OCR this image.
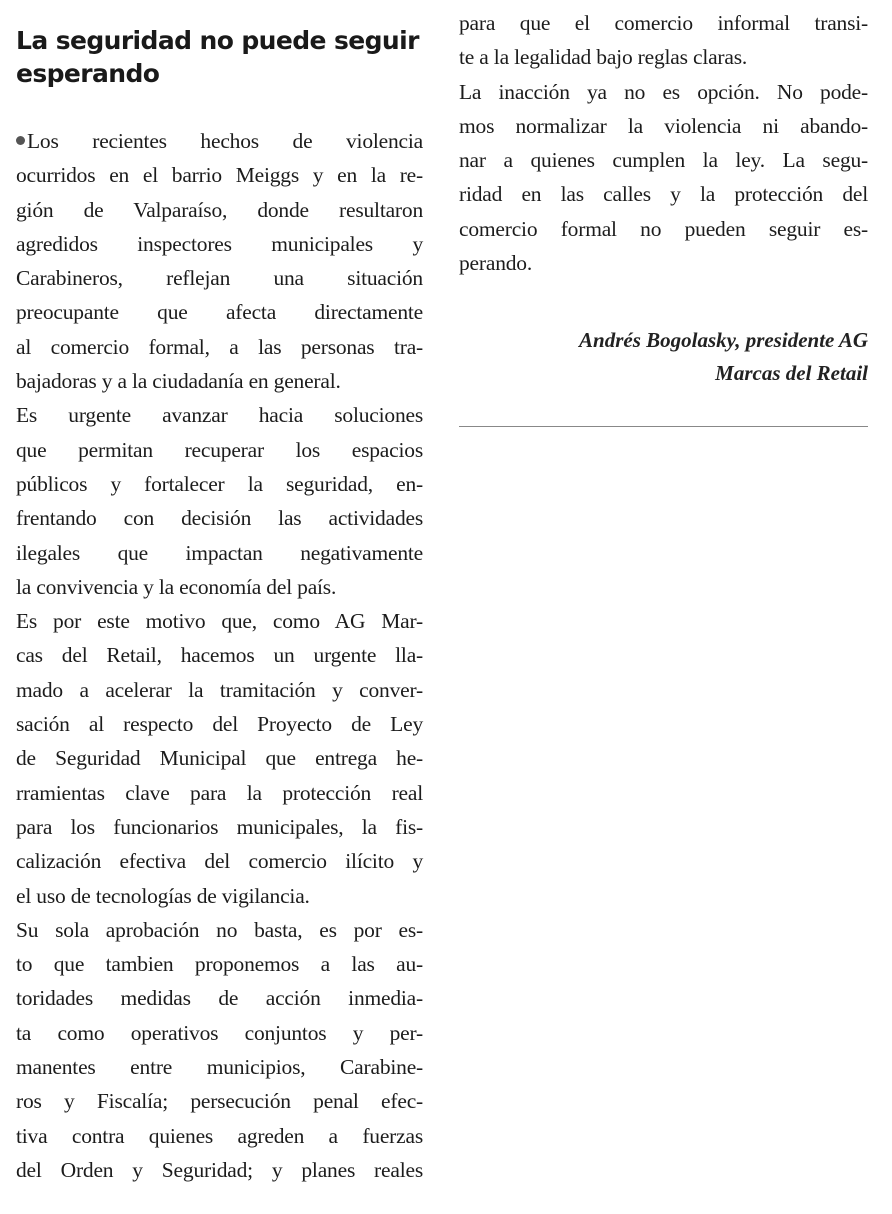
La seguridad no puede seguir
esperando
Los recientes hechos de violencia
ocurridos en el barrio Meiggs y en la re-
gión de Valparaíso, donde resultaron
agredidos inspectores municipales y
Carabineros, reflejan una situación
preocupante que afecta directamente
al comercio formal, a las personas tra-
bajadoras y a la ciudadanía en general.
Es urgente avanzar hacia soluciones
que permitan recuperar los espacios
públicos y fortalecer la seguridad, en-
frentando con decisión las actividades
ilegales que impactan negativamente
la convivencia y la economía del país.
Es por este motivo que, como AG Mar-
cas del Retail, hacemos un urgente lla-
mado a acelerar la tramitación y conver-
sación al respecto del Proyecto de Ley
de Seguridad Municipal que entrega he-
rramientas clave para la protección real
para los funcionarios municipales, la fis-
calización efectiva del comercio ilícito y
el uso de tecnologías de vigilancia.
Su sola aprobación no basta, es por es-
to que tambien proponemos a las au-
toridades medidas de acción inmedia-
ta como operativos conjuntos y per-
manentes entre municipios, Carabine-
ros y Fiscalía; persecución penal efec-
tiva contra quienes agreden a fuerzas
del Orden y Seguridad; y planes reales
para que el comercio informal transi-
te a la legalidad bajo reglas claras.
La inacción ya no es opción. No pode-
mos normalizar la violencia ni abando-
nar a quienes cumplen la ley. La segu-
ridad en las calles y la protección del
comercio formal no pueden seguir es-
perando.
Andrés Bogolasky, presidente AG
Marcas del Retail
